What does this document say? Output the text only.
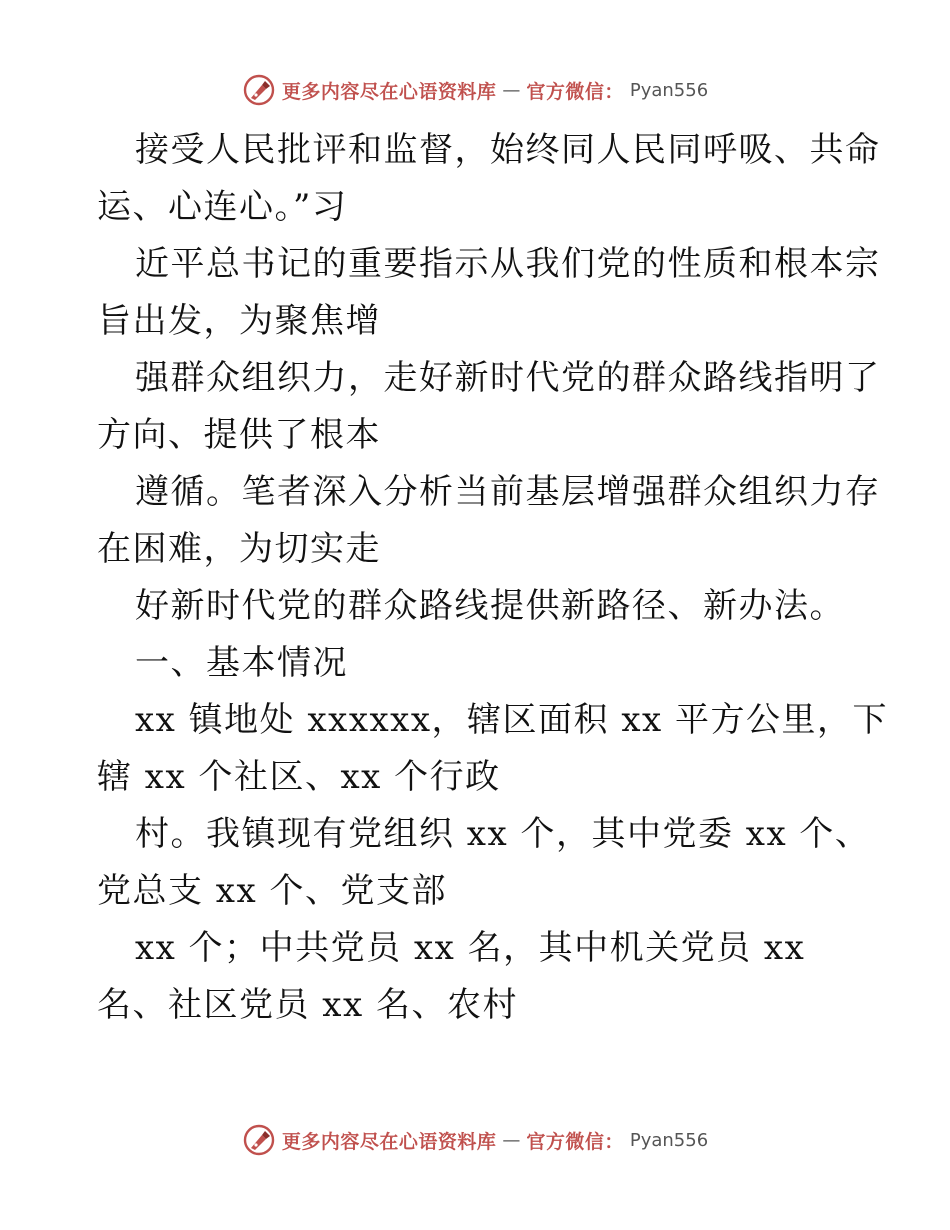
更多内容尽在心语资料库 — 官方微信： Pyan556
接受人民批评和监督，始终同人民同呼吸、共命
运、心连心。”习
近平总书记的重要指示从我们党的性质和根本宗
旨出发，为聚焦增
强群众组织力，走好新时代党的群众路线指明了
方向、提供了根本
遵循。笔者深入分析当前基层增强群众组织力存
在困难，为切实走
好新时代党的群众路线提供新路径、新办法。
一、基本情况
xx 镇地处 xxxxxx，辖区面积 xx 平方公里，下
辖 xx 个社区、xx 个行政
村。我镇现有党组织 xx 个，其中党委 xx 个、
党总支 xx 个、党支部
xx 个；中共党员 xx 名，其中机关党员 xx
名、社区党员 xx 名、农村
更多内容尽在心语资料库 — 官方微信： Pyan556
